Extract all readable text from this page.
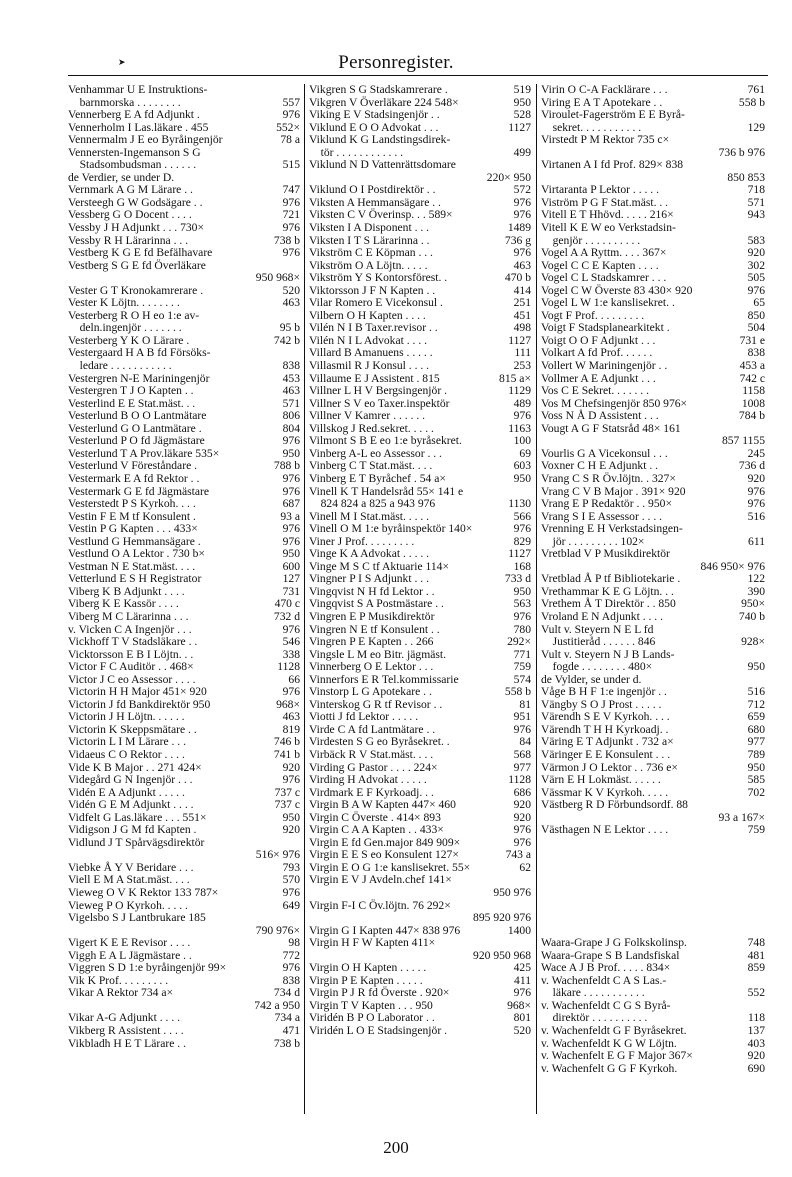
Personregister.
➤
Venhammar U E Instruktions-
 barnmorska . . . . . . . .	557
Vennerberg E A fd Adjunkt .	976
Vennerholm I Las.läkare . 455	552×
Vennermalm J E eo Byråingenjör	78 a
Vennersten-Ingemanson S G
 Stadsombudsman . . . . . .	515
de Verdier, se under D.
Vernmark A G M Lärare . .	747
Versteegh G W Godsägare . .	976
Vessberg G O Docent . . . .	721
Vessby J H Adjunkt . . . 730×	976
Vessby R H Lärarinna . . .	738 b
Vestberg K G E fd Befälhavare	976
Vestberg S G E fd Överläkare
950 968×
Vester G T Kronokamrerare .	520
Vester K Löjtn. . . . . . . .	463
Vesterberg R O H eo 1:e av-
 deln.ingenjör . . . . . . .	95 b
Vesterberg Y K O Lärare .	742 b
Vestergaard H A B fd Försöks-
 ledare . . . . . . . . . . .	838
Vestergren N-E Mariningenjör	453
Vestergren T J O Kapten . .	463
Vesterlind E E Stat.mäst. . .	571
Vesterlund B O O Lantmätare	806
Vesterlund G O Lantmätare .	804
Vesterlund P O fd Jägmästare	976
Vesterlund T A Prov.läkare 535×	950
Vesterlund V Föreståndare .	788 b
Vestermark E A fd Rektor . .	976
Vestermark G E fd Jägmästare	976
Vesterstedt P S Kyrkoh. . . .	687
Vestin F E M tf Konsulent .	93 a
Vestin P G Kapten . . . 433×	976
Vestlund G Hemmansägare .	976
Vestlund O A Lektor . 730 b×	950
Vestman N E Stat.mäst. . . .	600
Vetterlund E S H Registrator	127
Viberg K B Adjunkt . . . .	731
Viberg K E Kassör . . . .	470 c
Viberg M C Lärarinna . . .	732 d
v. Vicken C A Ingenjör . . .	976
Vickhoff T V Stadsläkare . .	546
Vicktorsson E B I Löjtn. . .	338
Victor F C Auditör . . 468×	1128
Victor J C eo Assessor . . . .	66
Victorin H H Major 451× 920	976
Victorin J fd Bankdirektör 950	968×
Victorin J H Löjtn. . . . . .	463
Victorin K Skeppsmätare . .	819
Victorin L I M Lärare . . .	746 b
Vidaeus C O Rektor . . . .	741 b
Vide K B Major . . 271 424×	920
Videgård G N Ingenjör . . .	976
Vidén E A Adjunkt . . . . .	737 c
Vidén G E M Adjunkt . . . .	737 c
Vidfelt G Las.läkare . . . 551×	950
Vidigson J G M fd Kapten .	920
Vidlund J T Spårvägsdirektör
516× 976
Viebke Å Y V Beridare . . .	793
Viell E M A Stat.mäst. . . .	570
Vieweg O V K Rektor 133 787×	976
Vieweg P O Kyrkoh. . . . .	649
Vigelsbo S J Lantbrukare 185
790 976×
Vigert K E E Revisor . . . .	98
Viggh E A L Jägmästare . .	772
Viggren S D 1:e byråingenjör 99×	976
Vik K Prof. . . . . . . . .	838
Vikar A Rektor 734 a×	734 d
742 a 950
Vikar A-G Adjunkt . . . .	734 a
Vikberg R Assistent . . . .	471
Vikbladh H E T Lärare . .	738 b
Vikgren S G Stadskamrerare .	519
Vikgren V Överläkare 224 548×	950
Viking E V Stadsingenjör . .	528
Viklund E O O Advokat . . .	1127
Viklund K G Landstingsdirek-
 tör . . . . . . . . . . . .	499
Viklund N D Vattenrättsdomare
220× 950
Viklund O I Postdirektör . .	572
Viksten A Hemmansägare . .	976
Viksten C V Överinsp. . . 589×	976
Viksten I A Disponent . . .	1489
Viksten I T S Lärarinna . .	736 g
Vikström C E Köpman . . .	976
Vikström O A Löjtn. . . . .	463
Vikström Y S Kontorsförest. .	470 b
Viktorsson J F N Kapten . .	414
Vilar Romero E Vicekonsul .	251
Vilbern O H Kapten . . . .	451
Vilén N I B Taxer.revisor . .	498
Vilén N I L Advokat . . . .	1127
Villard B Amanuens . . . . .	111
Villasmil R J Konsul . . . .	253
Villaume E J Assistent . 815	815 a×
Villner L H V Bergsingenjör .	1129
Villner S V eo Taxer.inspektör	489
Villner V Kamrer . . . . . .	976
Villskog J Red.sekret. . . . .	1163
Vilmont S B E eo 1:e byråsekret.	100
Vinberg A-L eo Assessor . . .	69
Vinberg C T Stat.mäst. . . .	603
Vinberg E T Byråchef . 54 a×	950
Vinell K T Handelsråd 55× 141 e
 824 824 a 825 a 943 976	1130
Vinell M I Stat.mäst. . . . .	566
Vinell O M 1:e byråinspektör 140×	976
Viner J Prof. . . . . . . . .	829
Vinge K A Advokat . . . . .	1127
Vinge M S C tf Aktuarie 114×	168
Vingner P I S Adjunkt . . .	733 d
Vingqvist N H fd Lektor . .	950
Vingqvist S A Postmästare . .	563
Vingren E P Musikdirektör	976
Vingren N E tf Konsulent . .	780
Vingren P E Kapten . . 266	292×
Vingsle L M eo Bitr. jägmäst.	771
Vinnerberg O E Lektor . . .	759
Vinnerfors E R Tel.kommissarie	574
Vinstorp L G Apotekare . .	558 b
Vinterskog G R tf Revisor . .	81
Viotti J fd Lektor . . . . .	951
Virde C A fd Lantmätare . .	976
Virdesten S G eo Byråsekret. .	84
Virbäck R V Stat.mäst. . . .	568
Virding G Pastor . . . . 224×	977
Virding H Advokat . . . . .	1128
Virdmark E F Kyrkoadj. . .	686
Virgin B A W Kapten 447× 460	920
Virgin C Överste . 414× 893	920
Virgin C A A Kapten . . 433×	976
Virgin E fd Gen.major 849 909×	976
Virgin E E S eo Konsulent 127×	743 a
Virgin E O G 1:e kanslisekret. 55×	62
Virgin E V J Avdeln.chef 141×
950 976
Virgin F-I C Öv.löjtn. 76 292×
895 920 976
Virgin G I Kapten 447× 838 976	1400
Virgin H F W Kapten 411×
920 950 968
Virgin O H Kapten . . . . .	425
Virgin P E Kapten . . . . .	411
Virgin P J R fd Överste . 920×	976
Virgin T V Kapten . . . 950	968×
Viridén B P O Laborator . .	801
Viridén L O E Stadsingenjör .	520
Virin O C-A Facklärare . . .	761
Viring E A T Apotekare . .	558 b
Viroulet-Fagerström E E Byrå-
 sekret. . . . . . . . . . .	129
Virstedt P M Rektor 735 c×
736 b 976
Virtanen A I fd Prof. 829× 838
850 853
Virtaranta P Lektor . . . . .	718
Viström P G F Stat.mäst. . .	571
Vitell E T Hhövd. . . . . 216×	943
Vitell K E W eo Verkstadsin-
 genjör . . . . . . . . . .	583
Vogel A A Ryttm. . . . 367×	920
Vogel C C E Kapten . . . .	302
Vogel C L Stadskamrer . . .	505
Vogel C W Överste 83 430× 920	976
Vogel L W 1:e kanslisekret. .	65
Vogt F Prof. . . . . . . . .	850
Voigt F Stadsplanearkitekt .	504
Voigt O O F Adjunkt . . .	731 e
Volkart A fd Prof. . . . . .	838
Vollert W Mariningenjör . .	453 a
Vollmer A E Adjunkt . . .	742 c
Vos C E Sekret. . . . . . .	1158
Vos M Chefsingenjör 850 976×	1008
Voss N Å D Assistent . . .	784 b
Vougt A G F Statsråd 48× 161
857 1155
Vourlis G A Vicekonsul . . .	245
Voxner C H E Adjunkt . .	736 d
Vrang C S R Öv.löjtn. . 327×	920
Vrang C V B Major . 391× 920	976
Vrang E P Redaktör . . 950×	976
Vrang S I E Assessor . . . .	516
Vrenning E H Verkstadsingen-
 jör . . . . . . . . . 102×	611
Vretblad V P Musikdirektör
846 950× 976
Vretblad Å P tf Bibliotekarie .	122
Vrethammar K E G Löjtn. . .	390
Vrethem Å T Direktör . . 850	950×
Vroland E N Adjunkt . . . .	740 b
Vult v. Steyern N E L fd
 Justitieråd . . . . . . 846	928×
Vult v. Steyern N J B Lands-
 fogde . . . . . . . . 480×	950
de Vylder, se under d.
Våge B H F 1:e ingenjör . .	516
Vängby S O J Prost . . . . .	712
Värendh S E V Kyrkoh. . . .	659
Värendh T H H Kyrkoadj. .	680
Väring E T Adjunkt . 732 a×	977
Väringer E E Konsulent . . .	789
Värmon J O Lektor . . 736 e×	950
Värn E H Lokmäst. . . . . .	585
Vässmar K V Kyrkoh. . . . .	702
Västberg R D Förbundsordf. 88
93 a 167×
Västhagen N E Lektor . . . .	759
Waara-Grape J G Folkskolinsp.	748
Waara-Grape S B Landsfiskal	481
Wace A J B Prof. . . . . 834×	859
v. Wachenfeldt C A S Las.-
 läkare . . . . . . . . . . .	552
v. Wachenfeldt C G S Byrå-
 direktör . . . . . . . . . .	118
v. Wachenfeldt G F Byråsekret.	137
v. Wachenfeldt K G W Löjtn.	403
v. Wachenfelt E G F Major 367×	920
v. Wachenfelt G G F Kyrkoh.	690
200
